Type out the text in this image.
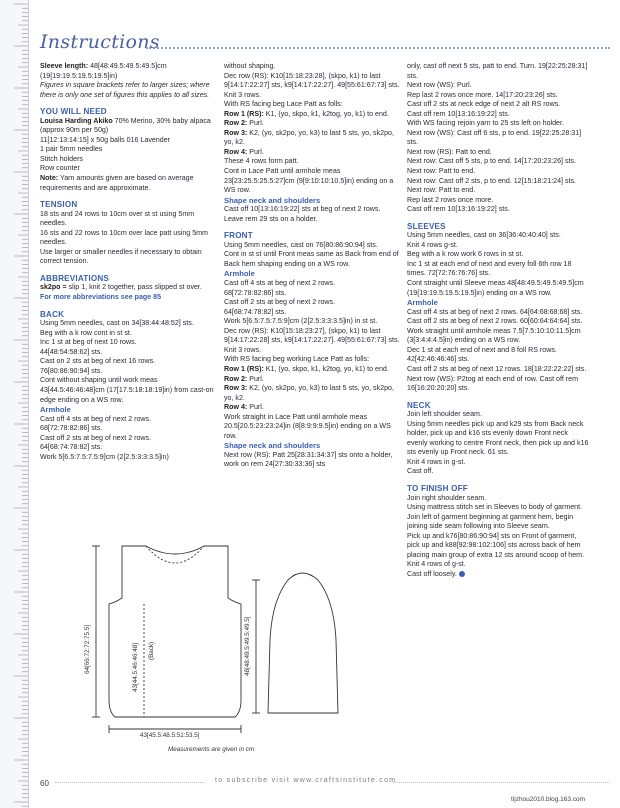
Instructions

Sleeve length: 48[48:49.5:49.5:49.5]cm (19[19:19.5:19.5:19.5]in)

Figures in square brackets refer to larger sizes; where there is only one set of figures this applies to all sizes.

YOU WILL NEED

Louisa Harding Akiko 70% Merino, 30% baby alpaca (approx 90m per 50g)

11[12:13:14:15] x 50g balls 016 Lavender

1 pair 5mm needles

Stitch holders

Row counter

Note: Yarn amounts given are based on average requirements and are approximate.

TENSION

18 sts and 24 rows to 10cm over st st using 5mm needles.

16 sts and 22 rows to 10cm over lace patt using 5mm needles.

Use larger or smaller needles if necessary to obtain correct tension.

ABBREVIATIONS

sk2po = slip 1, knit 2 together, pass slipped st over.

For more abbreviations see page 85

BACK

Using 5mm needles, cast on 34[38:44:48:52] sts.

Beg with a k row cont in st st.

Inc 1 st at beg of next 10 rows.

44[48:54:58:62] sts.

Cast on 2 sts at beg of next 16 rows.

76[80:86:90:94] sts.

Cont without shaping until work meas 43[44.5:46:46:48]cm (17[17.5:18:18:19]in) from cast-on edge ending on a WS row.

Armhole

Cast off 4 sts at beg of next 2 rows.

68[72:78:82:86] sts.

Cast off 2 sts at beg of next 2 rows.

64[68:74:78:82] sts.

Work 5[6.5:7.5:7.5:9]cm (2[2.5:3:3:3.5]in)

without shaping.

Dec row (RS): K10[15:18:23:28], (skpo, k1) to last 9[14:17:22:27] sts, k9[14:17:22:27]. 49[55:61:67:73] sts.

Knit 3 rows.

With RS facing beg Lace Patt as folls:

Row 1 (RS): K1, (yo, skpo, k1, k2tog, yo, k1) to end.

Row 2: Purl.

Row 3: K2, (yo, sk2po, yo, k3) to last 5 sts, yo, sk2po, yo, k2.

Row 4: Purl.

These 4 rows form patt.

Cont in Lace Patt until armhole meas 23[23:25.5:25.5:27]cm (9[9:10:10:10.5]in) ending on a WS row.

Shape neck and shoulders

Cast off 10[13:16:19:22] sts at beg of next 2 rows. Leave rem 29 sts on a holder.

FRONT

Using 5mm needles, cast on 76[80:86:90:94] sts.

Cont in st st until Front meas same as Back from end of Back hem shaping ending on a WS row.

Armhole

Cast off 4 sts at beg of next 2 rows.

68[72:78:82:86] sts.

Cast off 2 sts at beg of next 2 rows.

64[68:74:78:82] sts.

Work 5[6.5:7.5:7.5:9]cm (2[2.5:3:3:3.5]in) in st st.

Dec row (RS): K10[15:18:23:27], (skpo, k1) to last 9[14:17:22:28] sts, k9[14:17:22:27]. 49[55:61:67:73] sts.

Knit 3 rows.

With RS facing beg working Lace Patt as folls:

Row 1 (RS): K1, (yo, skpo, k1, k2tog, yo, k1) to end.

Row 2: Purl.

Row 3: K2, (yo, sk2po, yo, k3) to last 5 sts, yo, sk2po, yo, k2.

Row 4: Purl.

Work straight in Lace Patt until armhole meas 20.5[20.5:23:23:24]in (8[8:9:9:9.5]in) ending on a WS row.

Shape neck and shoulders

Next row (RS): Patt 25[28:31:34:37] sts onto a holder, work on rem 24[27:30:33:36] sts

only, cast off next 5 sts, patt to end. Turn. 19[22:25:28:31] sts.

Next row (WS): Purl.

Rep last 2 rows once more. 14[17:20:23:26] sts.

Cast off 2 sts at neck edge of next 2 alt RS rows.

Cast off rem 10[13:16:19:22] sts.

With WS facing rejoin yarn to 25 sts left on holder.

Next row (WS): Cast off 6 sts, p to end. 19[22:25:28:31] sts.

Next row (RS): Patt to end.

Next row: Cast off 5 sts, p to end. 14[17:20:23:26] sts.

Next row: Patt to end.

Next row: Cast off 2 sts, p to end. 12[15:18:21:24] sts.

Next row: Patt to end.

Rep last 2 rows once more.

Cast off rem 10[13:16:19:22] sts.

SLEEVES

Using 5mm needles, cast on 36[36:40:40:40] sts.

Knit 4 rows g-st.

Beg with a k row work 6 rows in st st.

Inc 1 st at each end of next and every foll 6th row 18 times. 72[72:76:76:76] sts.

Cont straight until Sleeve meas 48[48:49.5:49.5:49.5]cm (19[19:19.5:19.5:19.5]in) ending on a WS row.

Armhole

Cast off 4 sts at beg of next 2 rows. 64[64:68:68:68] sts.

Cast off 2 sts at beg of next 2 rows. 60[60:64:64:64] sts.

Work straight until armhole meas 7.5[7.5:10:10:11.5]cm (3[3:4:4:4.5]in) ending on a WS row.

Dec 1 st at each end of next and 8 foll RS rows. 42[42:46:46:46] sts.

Cast off 2 sts at beg of next 12 rows. 18[18:22:22:22] sts.

Next row (WS): P2tog at each end of row. Cast off rem 16[16:20:20:20] sts.

NECK

Join left shoulder seam.

Using 5mm needles pick up and k29 sts from Back neck holder, pick up and k16 sts evenly down Front neck evenly working to centre Front neck, then pick up and k16 sts evenly up Front neck. 61 sts.

Knit 4 rows in g-st.

Cast off.

TO FINISH OFF

Join right shoulder seam.

Using mattress stitch set in Sleeves to body of garment. Join left of garment beginning at garment hem, begin joining side seam following into Sleeve seam.

Pick up and k76[80:86:90:94] sts on Front of garment, pick up and k88[92:98:102:106] sts across back of hem placing main group of extra 12 sts around scoop of hem.

Knit 4 rows of g-st.

Cast off loosely.

64[66:72:72:75.5]	43[44.5:46:46:48] (Back)
43[45.5:48.5:51:53.5]
48[48:49.5:49.5:49.5]
Measurements are given in cm
60	to subscribe visit www.craftsinstitute.com
tijzhou2010.blog.163.com
